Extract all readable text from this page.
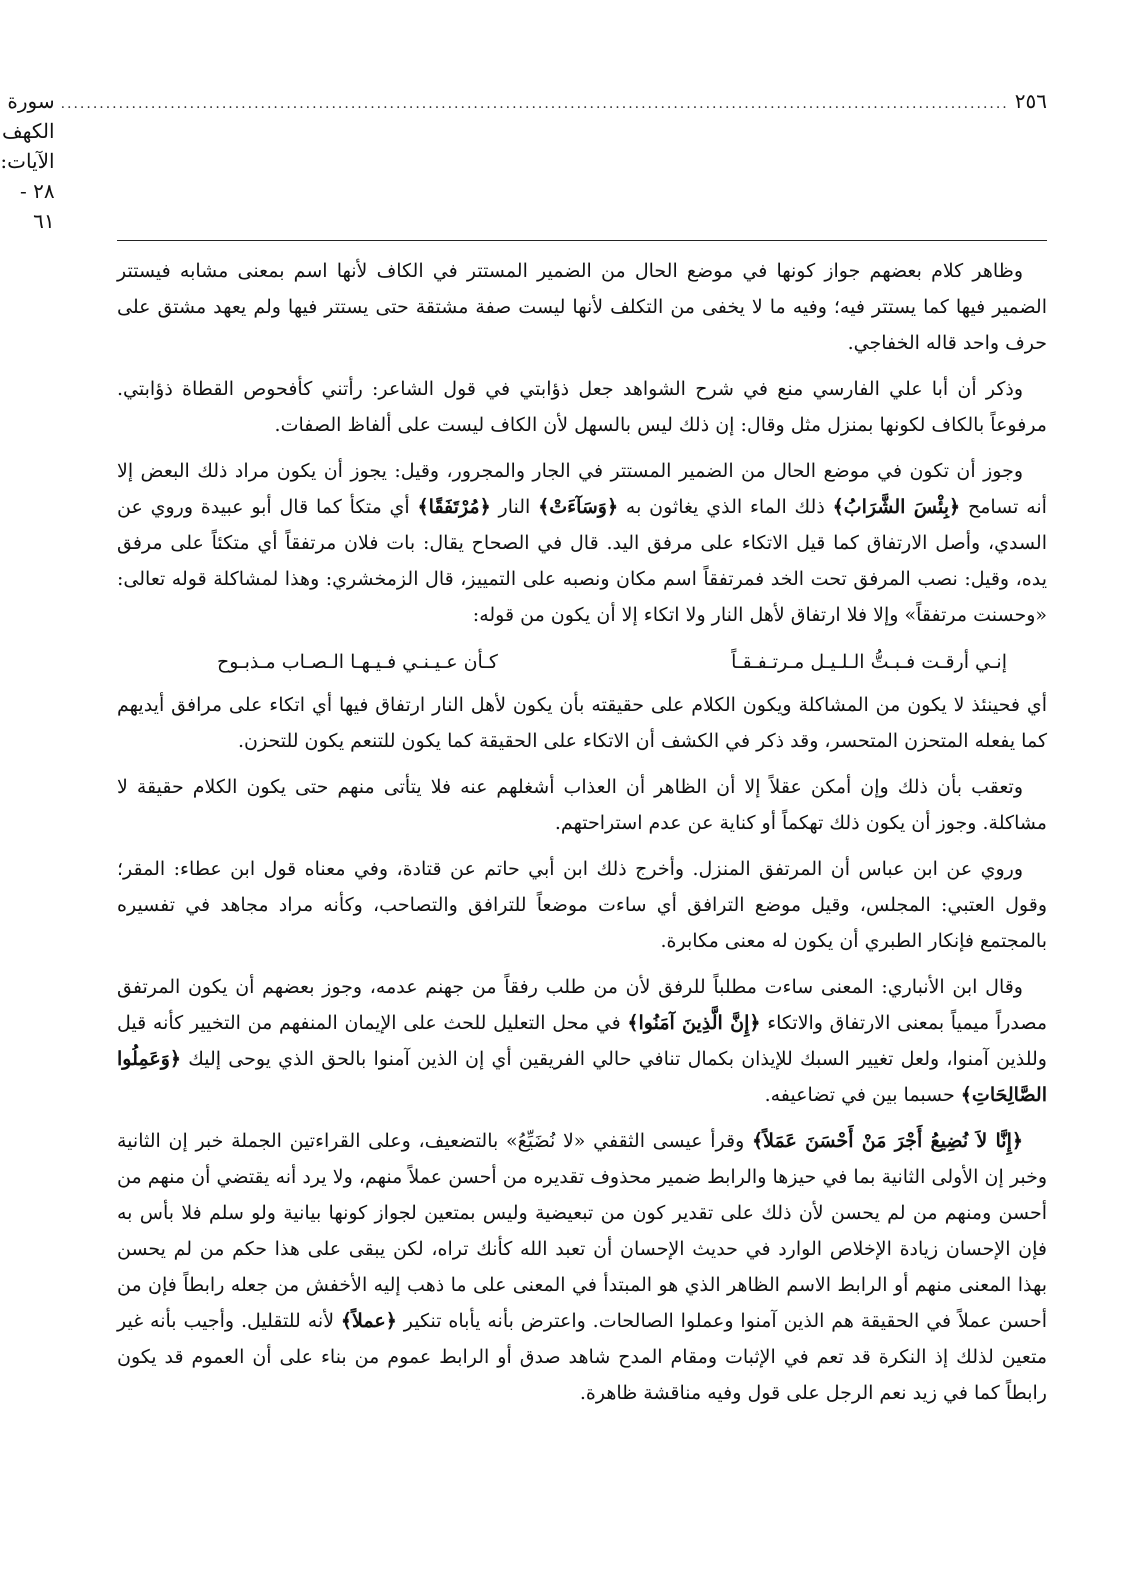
٢٥٦
...................................................................................................................................................
سورة الكهف الآيات: ٢٨ - ٦١

وظاهر كلام بعضهم جواز كونها في موضع الحال من الضمير المستتر في الكاف لأنها اسم بمعنى مشابه فيستتر الضمير فيها كما يستتر فيه؛ وفيه ما لا يخفى من التكلف لأنها ليست صفة مشتقة حتى يستتر فيها ولم يعهد مشتق على حرف واحد قاله الخفاجي.

وذكر أن أبا علي الفارسي منع في شرح الشواهد جعل ذؤابتي في قول الشاعر: رأتني كأفحوص القطاة ذؤابتي. مرفوعاً بالكاف لكونها بمنزل مثل وقال: إن ذلك ليس بالسهل لأن الكاف ليست على ألفاظ الصفات.

وجوز أن تكون في موضع الحال من الضمير المستتر في الجار والمجرور، وقيل: يجوز أن يكون مراد ذلك البعض إلا أنه تسامح ﴿بِئْسَ الشَّرَابُ﴾ ذلك الماء الذي يغاثون به ﴿وَسَآءَتْ﴾ النار ﴿مُرْتَفَقًا﴾ أي متكأ كما قال أبو عبيدة وروي عن السدي، وأصل الارتفاق كما قيل الاتكاء على مرفق اليد. قال في الصحاح يقال: بات فلان مرتفقاً أي متكئاً على مرفق يده، وقيل: نصب المرفق تحت الخد فمرتفقاً اسم مكان ونصبه على التمييز، قال الزمخشري: وهذا لمشاكلة قوله تعالى: «وحسنت مرتفقاً» وإلا فلا ارتفاق لأهل النار ولا اتكاء إلا أن يكون من قوله:

إنـي أرقـت فـبـتُّ الـلـيـل مـرتـفـقـاً
كـأن عـيـنـي فـيـهـا الـصـاب مـذبـوح

أي فحينئذ لا يكون من المشاكلة ويكون الكلام على حقيقته بأن يكون لأهل النار ارتفاق فيها أي اتكاء على مرافق أيديهم كما يفعله المتحزن المتحسر، وقد ذكر في الكشف أن الاتكاء على الحقيقة كما يكون للتنعم يكون للتحزن.

وتعقب بأن ذلك وإن أمكن عقلاً إلا أن الظاهر أن العذاب أشغلهم عنه فلا يتأتى منهم حتى يكون الكلام حقيقة لا مشاكلة. وجوز أن يكون ذلك تهكماً أو كناية عن عدم استراحتهم.

وروي عن ابن عباس أن المرتفق المنزل. وأخرج ذلك ابن أبي حاتم عن قتادة، وفي معناه قول ابن عطاء: المقر؛ وقول العتبي: المجلس، وقيل موضع الترافق أي ساءت موضعاً للترافق والتصاحب، وكأنه مراد مجاهد في تفسيره بالمجتمع فإنكار الطبري أن يكون له معنى مكابرة.

وقال ابن الأنباري: المعنى ساءت مطلباً للرفق لأن من طلب رفقاً من جهنم عدمه، وجوز بعضهم أن يكون المرتفق مصدراً ميمياً بمعنى الارتفاق والاتكاء ﴿إِنَّ الَّذِينَ آمَنُوا﴾ في محل التعليل للحث على الإيمان المنفهم من التخيير كأنه قيل وللذين آمنوا، ولعل تغيير السبك للإيذان بكمال تنافي حالي الفريقين أي إن الذين آمنوا بالحق الذي يوحى إليك ﴿وَعَمِلُوا الصَّالِحَاتِ﴾ حسبما بين في تضاعيفه.

﴿إِنَّا لاَ نُضِيعُ أَجْرَ مَنْ أَحْسَنَ عَمَلاً﴾ وقرأ عيسى الثقفي «لا نُضَيِّعُ» بالتضعيف، وعلى القراءتين الجملة خبر إن الثانية وخبر إن الأولى الثانية بما في حيزها والرابط ضمير محذوف تقديره من أحسن عملاً منهم، ولا يرد أنه يقتضي أن منهم من أحسن ومنهم من لم يحسن لأن ذلك على تقدير كون من تبعيضية وليس بمتعين لجواز كونها بيانية ولو سلم فلا بأس به فإن الإحسان زيادة الإخلاص الوارد في حديث الإحسان أن تعبد الله كأنك تراه، لكن يبقى على هذا حكم من لم يحسن بهذا المعنى منهم أو الرابط الاسم الظاهر الذي هو المبتدأ في المعنى على ما ذهب إليه الأخفش من جعله رابطاً فإن من أحسن عملاً في الحقيقة هم الذين آمنوا وعملوا الصالحات. واعترض بأنه يأباه تنكير ﴿عملاً﴾ لأنه للتقليل. وأجيب بأنه غير متعين لذلك إذ النكرة قد تعم في الإثبات ومقام المدح شاهد صدق أو الرابط عموم من بناء على أن العموم قد يكون رابطاً كما في زيد نعم الرجل على قول وفيه مناقشة ظاهرة.
